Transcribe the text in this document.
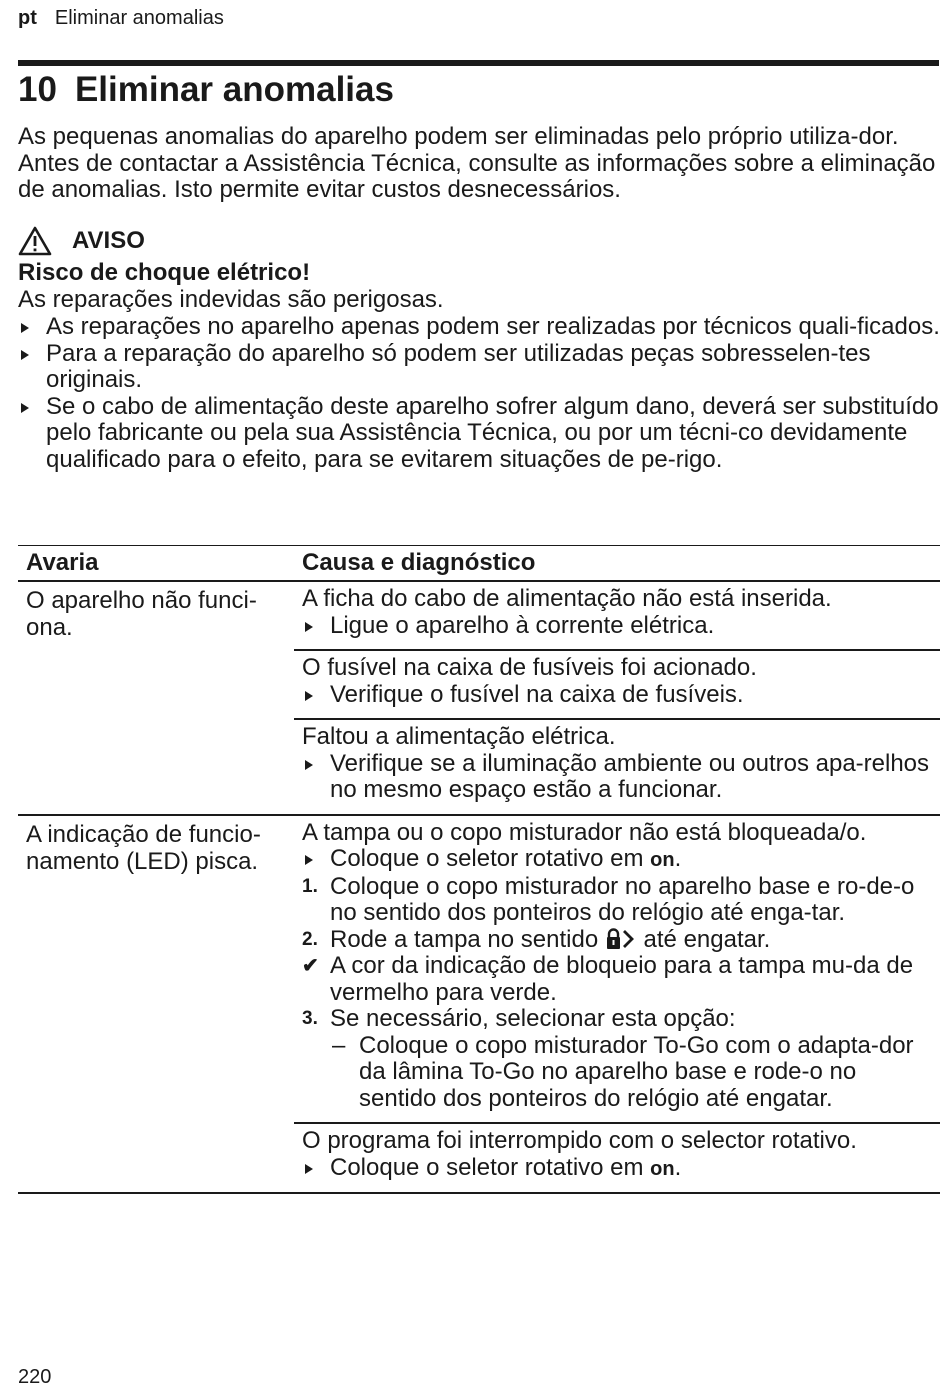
pt Eliminar anomalias
10 Eliminar anomalias

As pequenas anomalias do aparelho podem ser eliminadas pelo próprio utiliza-dor. Antes de contactar a Assistência Técnica, consulte as informações sobre a eliminação de anomalias. Isto permite evitar custos desnecessários.

AVISO

Risco de choque elétrico!

As reparações indevidas são perigosas.

As reparações no aparelho apenas podem ser realizadas por técnicos quali-ficados.
Para a reparação do aparelho só podem ser utilizadas peças sobresselen-tes originais.
Se o cabo de alimentação deste aparelho sofrer algum dano, deverá ser substituído pelo fabricante ou pela sua Assistência Técnica, ou por um técni-co devidamente qualificado para o efeito, para se evitarem situações de pe-rigo.
Avaria	Causa e diagnóstico
O aparelho não funci-ona.

A ficha do cabo de alimentação não está inserida.

Ligue o aparelho à corrente elétrica.

O fusível na caixa de fusíveis foi acionado.

Verifique o fusível na caixa de fusíveis.

Faltou a alimentação elétrica.

Verifique se a iluminação ambiente ou outros apa-relhos no mesmo espaço estão a funcionar.

A indicação de funcio-namento (LED) pisca.

A tampa ou o copo misturador não está bloqueada/o.

Coloque o seletor rotativo em on.

1. Coloque o copo misturador no aparelho base e ro-de-o no sentido dos ponteiros do relógio até enga-tar.

2. Rode a tampa no sentido até engatar.

✔ A cor da indicação de bloqueio para a tampa mu-da de vermelho para verde.

3. Se necessário, selecionar esta opção:

– Coloque o copo misturador To-Go com o adapta-dor da lâmina To-Go no aparelho base e rode-o no sentido dos ponteiros do relógio até engatar.

O programa foi interrompido com o selector rotativo.

Coloque o seletor rotativo em on.

220
